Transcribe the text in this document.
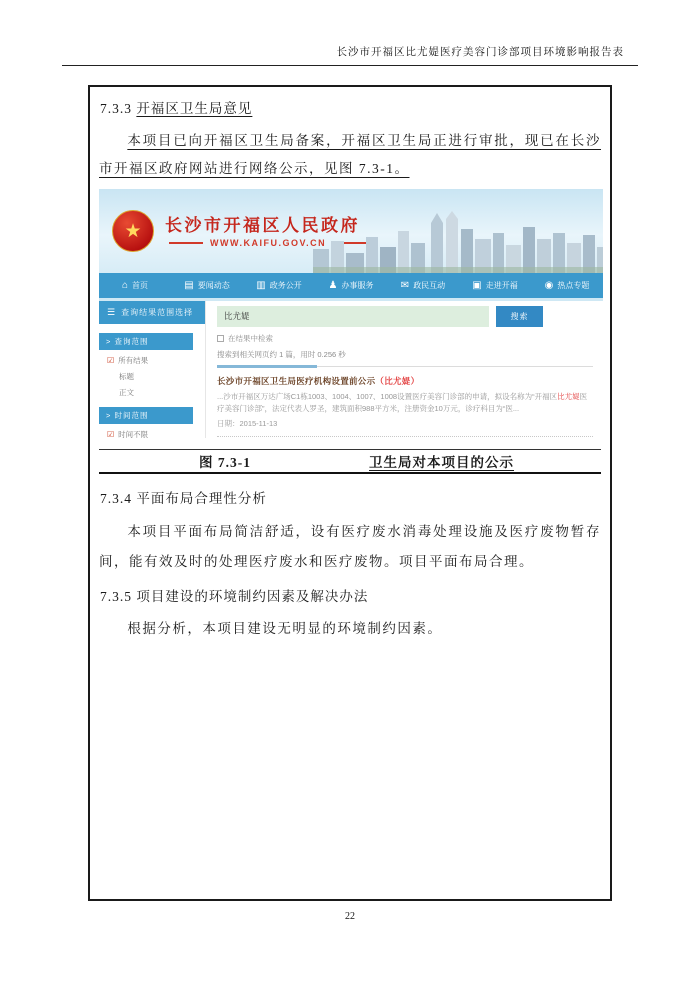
长沙市开福区比尤媞医疗美容门诊部项目环境影响报告表
7.3.3 开福区卫生局意见

本项目已向开福区卫生局备案，开福区卫生局正进行审批，现已在长沙市开福区政府网站进行网络公示，见图 7.3-1。

★	长沙市开福区人民政府
WWW.KAIFU.GOV.CN
⌂
首页 ▤	要闻动态 ▥	政务公开 ♟	办事服务 ✉	政民互动 ▣	走进开福 ◉	热点专题
☰ 查询结果范围选择
> 查询范围
☑
所有结果
标题
正文
> 时间范围
☑
时间不限
比尤媞	搜索
在结果中检索
搜索到相关网页约 1 篇，用时 0.256 秒
长沙市开福区卫生局医疗机构设置前公示（比尤媞）
...沙市开福区万达广场C1栋1003、1004、1007、1008设置医疗美容门诊部的申请，拟设名称为“开福区比尤媞医疗美容门诊部”，法定代表人罗圣，建筑面积988平方米，注册资金10万元，诊疗科目为“医...
日期：2015-11-13
图 7.3-1	卫生局对本项目的公示
7.3.4 平面布局合理性分析

本项目平面布局简洁舒适，设有医疗废水消毒处理设施及医疗废物暂存间，能有效及时的处理医疗废水和医疗废物。项目平面布局合理。

7.3.5 项目建设的环境制约因素及解决办法

根据分析，本项目建设无明显的环境制约因素。

22
